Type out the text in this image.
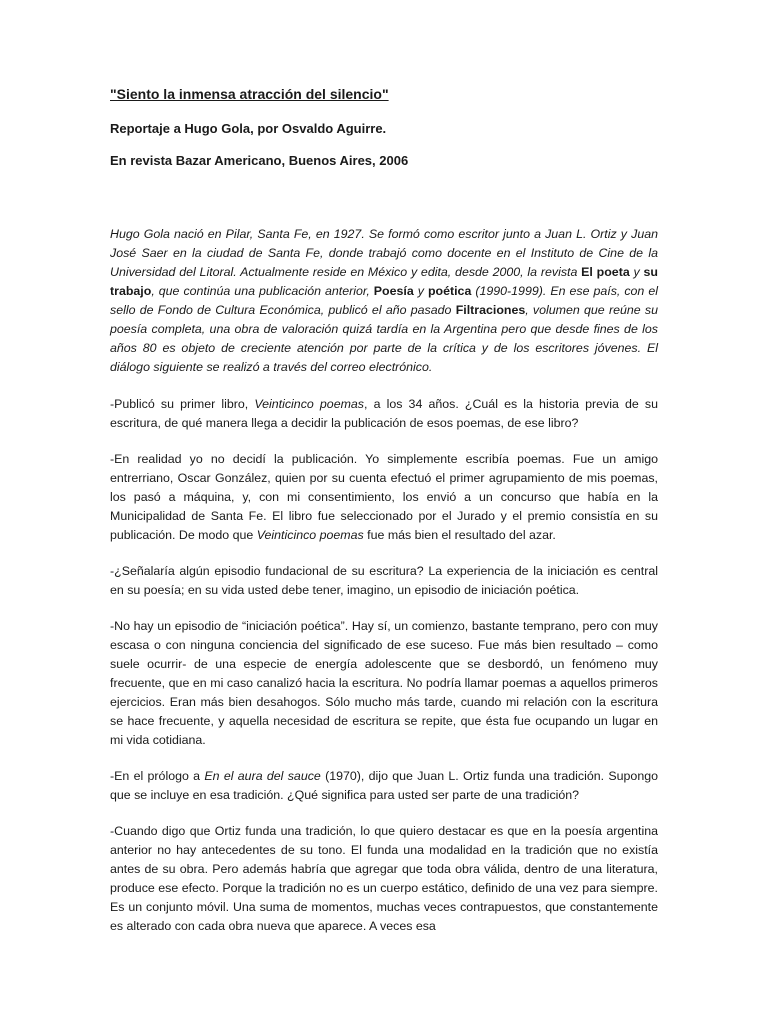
"Siento la inmensa atracción del silencio"

Reportaje a Hugo Gola, por Osvaldo Aguirre.

En revista Bazar Americano, Buenos Aires, 2006

Hugo Gola nació en Pilar, Santa Fe, en 1927. Se formó como escritor junto a Juan L. Ortiz y Juan José Saer en la ciudad de Santa Fe, donde trabajó como docente en el Instituto de Cine de la Universidad del Litoral. Actualmente reside en México y edita, desde 2000, la revista El poeta y su trabajo, que continúa una publicación anterior, Poesía y poética (1990-1999). En ese país, con el sello de Fondo de Cultura Económica, publicó el año pasado Filtraciones, volumen que reúne su poesía completa, una obra de valoración quizá tardía en la Argentina pero que desde fines de los años 80 es objeto de creciente atención por parte de la crítica y de los escritores jóvenes. El diálogo siguiente se realizó a través del correo electrónico.

-Publicó su primer libro, Veinticinco poemas, a los 34 años. ¿Cuál es la historia previa de su escritura, de qué manera llega a decidir la publicación de esos poemas, de ese libro?

-En realidad yo no decidí la publicación. Yo simplemente escribía poemas. Fue un amigo entrerriano, Oscar González, quien por su cuenta efectuó el primer agrupamiento de mis poemas, los pasó a máquina, y, con mi consentimiento, los envió a un concurso que había en la Municipalidad de Santa Fe. El libro fue seleccionado por el Jurado y el premio consistía en su publicación. De modo que Veinticinco poemas fue más bien el resultado del azar.

-¿Señalaría algún episodio fundacional de su escritura? La experiencia de la iniciación es central en su poesía; en su vida usted debe tener, imagino, un episodio de iniciación poética.

-No hay un episodio de “iniciación poética”. Hay sí, un comienzo, bastante temprano, pero con muy escasa o con ninguna conciencia del significado de ese suceso. Fue más bien resultado – como suele ocurrir- de una especie de energía adolescente que se desbordó, un fenómeno muy frecuente, que en mi caso canalizó hacia la escritura. No podría llamar poemas a aquellos primeros ejercicios. Eran más bien desahogos. Sólo mucho más tarde, cuando mi relación con la escritura se hace frecuente, y aquella necesidad de escritura se repite, que ésta fue ocupando un lugar en mi vida cotidiana.

-En el prólogo a En el aura del sauce (1970), dijo que Juan L. Ortiz funda una tradición. Supongo que se incluye en esa tradición. ¿Qué significa para usted ser parte de una tradición?

-Cuando digo que Ortiz funda una tradición, lo que quiero destacar es que en la poesía argentina anterior no hay antecedentes de su tono. El funda una modalidad en la tradición que no existía antes de su obra. Pero además habría que agregar que toda obra válida, dentro de una literatura, produce ese efecto. Porque la tradición no es un cuerpo estático, definido de una vez para siempre. Es un conjunto móvil. Una suma de momentos, muchas veces contrapuestos, que constantemente es alterado con cada obra nueva que aparece. A veces esa
